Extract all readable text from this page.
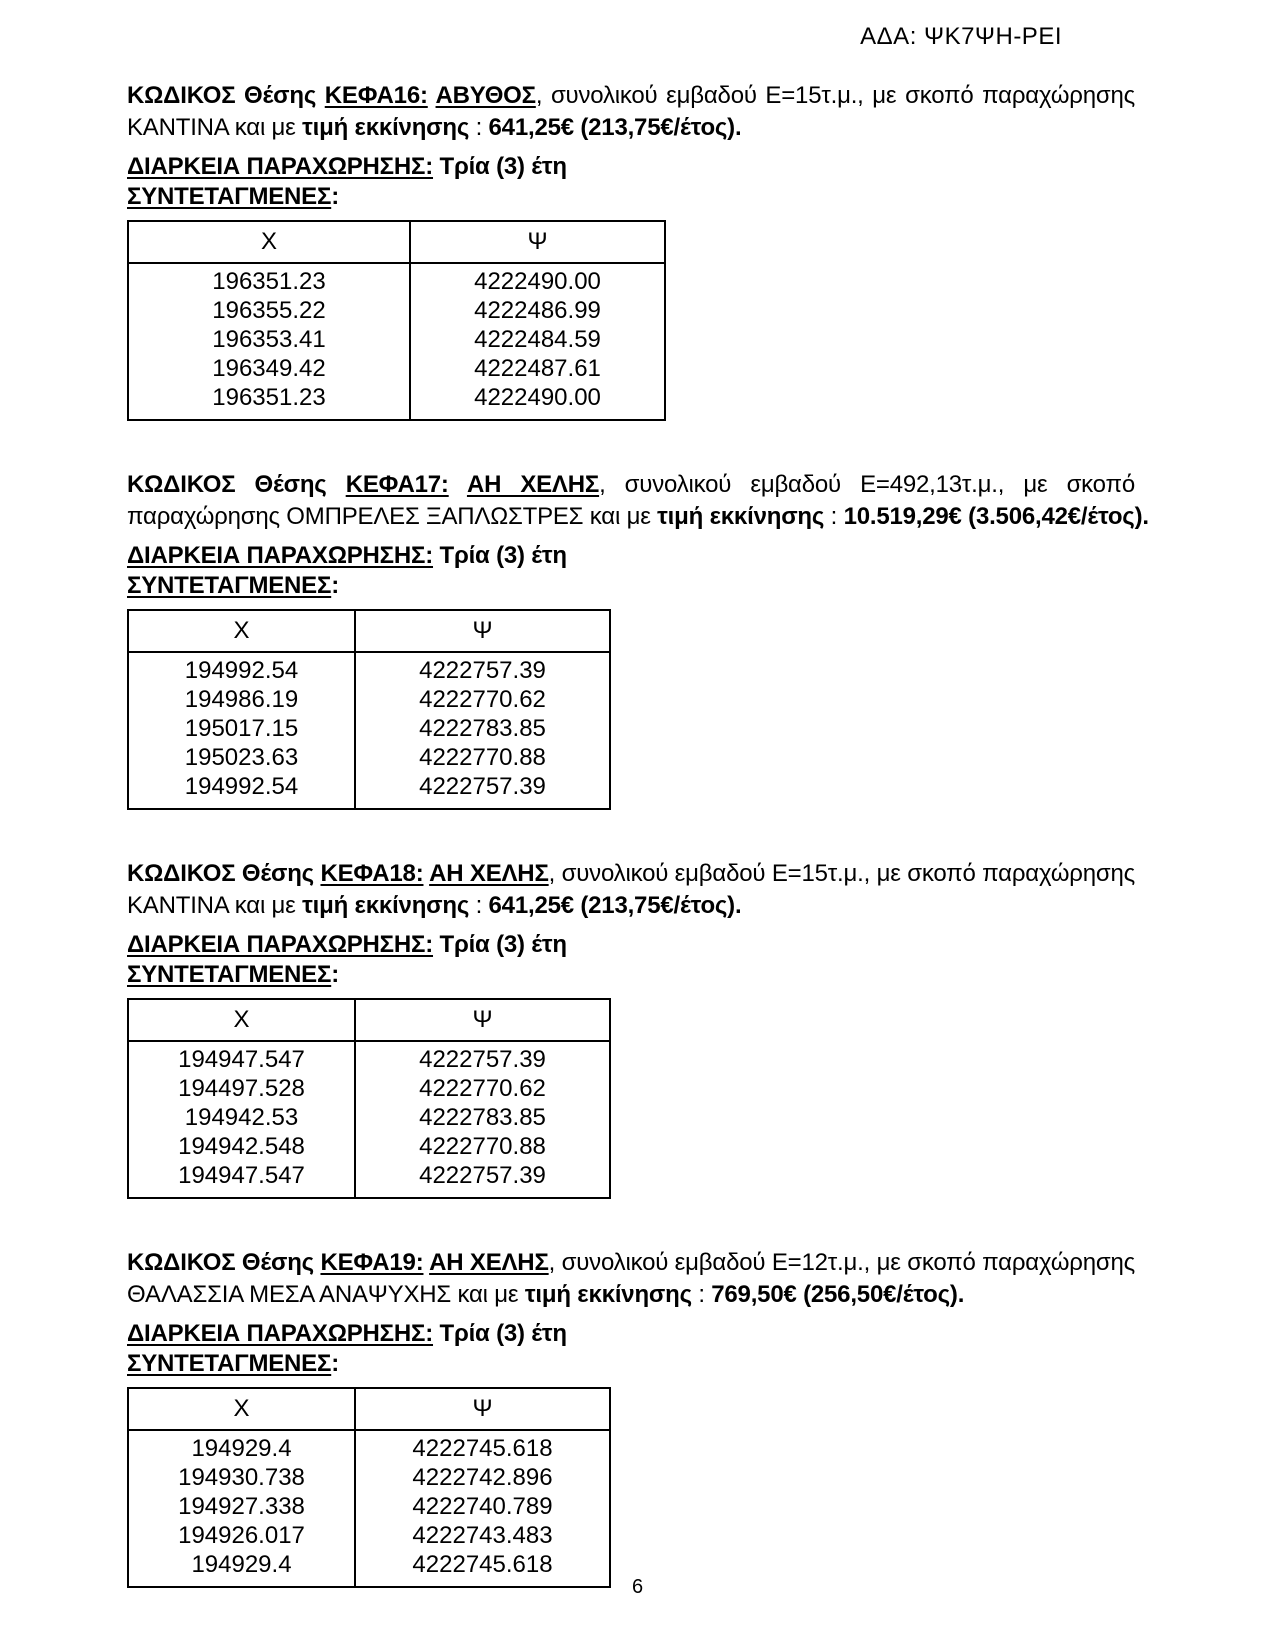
ΑΔΑ: ΨΚ7ΨΗ-ΡΕΙ
ΚΩΔΙΚΟΣ Θέσης ΚΕΦΑ16: ΑΒΥΘΟΣ, συνολικού εμβαδού Ε=15τ.μ., με σκοπό παραχώρησης
ΚΑΝΤΙΝΑ και με τιμή εκκίνησης : 641,25€ (213,75€/έτος).
ΔΙΑΡΚΕΙΑ ΠΑΡΑΧΩΡΗΣΗΣ: Τρία (3) έτη
ΣΥΝΤΕΤΑΓΜΕΝΕΣ:
Χ	Ψ
196351.23	4222490.00
196355.22	4222486.99
196353.41	4222484.59
196349.42	4222487.61
196351.23	4222490.00
ΚΩΔΙΚΟΣ Θέσης ΚΕΦΑ17: ΑΗ ΧΕΛΗΣ, συνολικού εμβαδού Ε=492,13τ.μ., με σκοπό
παραχώρησης ΟΜΠΡΕΛΕΣ ΞΑΠΛΩΣΤΡΕΣ και με τιμή εκκίνησης : 10.519,29€ (3.506,42€/έτος).
ΔΙΑΡΚΕΙΑ ΠΑΡΑΧΩΡΗΣΗΣ: Τρία (3) έτη
ΣΥΝΤΕΤΑΓΜΕΝΕΣ:
Χ	Ψ
194992.54	4222757.39
194986.19	4222770.62
195017.15	4222783.85
195023.63	4222770.88
194992.54	4222757.39
ΚΩΔΙΚΟΣ Θέσης ΚΕΦΑ18: ΑΗ ΧΕΛΗΣ, συνολικού εμβαδού Ε=15τ.μ., με σκοπό παραχώρησης
ΚΑΝΤΙΝΑ και με τιμή εκκίνησης : 641,25€ (213,75€/έτος).
ΔΙΑΡΚΕΙΑ ΠΑΡΑΧΩΡΗΣΗΣ: Τρία (3) έτη
ΣΥΝΤΕΤΑΓΜΕΝΕΣ:
Χ	Ψ
194947.547	4222757.39
194497.528	4222770.62
194942.53	4222783.85
194942.548	4222770.88
194947.547	4222757.39
ΚΩΔΙΚΟΣ Θέσης ΚΕΦΑ19: ΑΗ ΧΕΛΗΣ, συνολικού εμβαδού Ε=12τ.μ., με σκοπό παραχώρησης
ΘΑΛΑΣΣΙΑ ΜΕΣΑ ΑΝΑΨΥΧΗΣ και με τιμή εκκίνησης : 769,50€ (256,50€/έτος).
ΔΙΑΡΚΕΙΑ ΠΑΡΑΧΩΡΗΣΗΣ: Τρία (3) έτη
ΣΥΝΤΕΤΑΓΜΕΝΕΣ:
Χ	Ψ
194929.4	4222745.618
194930.738	4222742.896
194927.338	4222740.789
194926.017	4222743.483
194929.4	4222745.618
6
